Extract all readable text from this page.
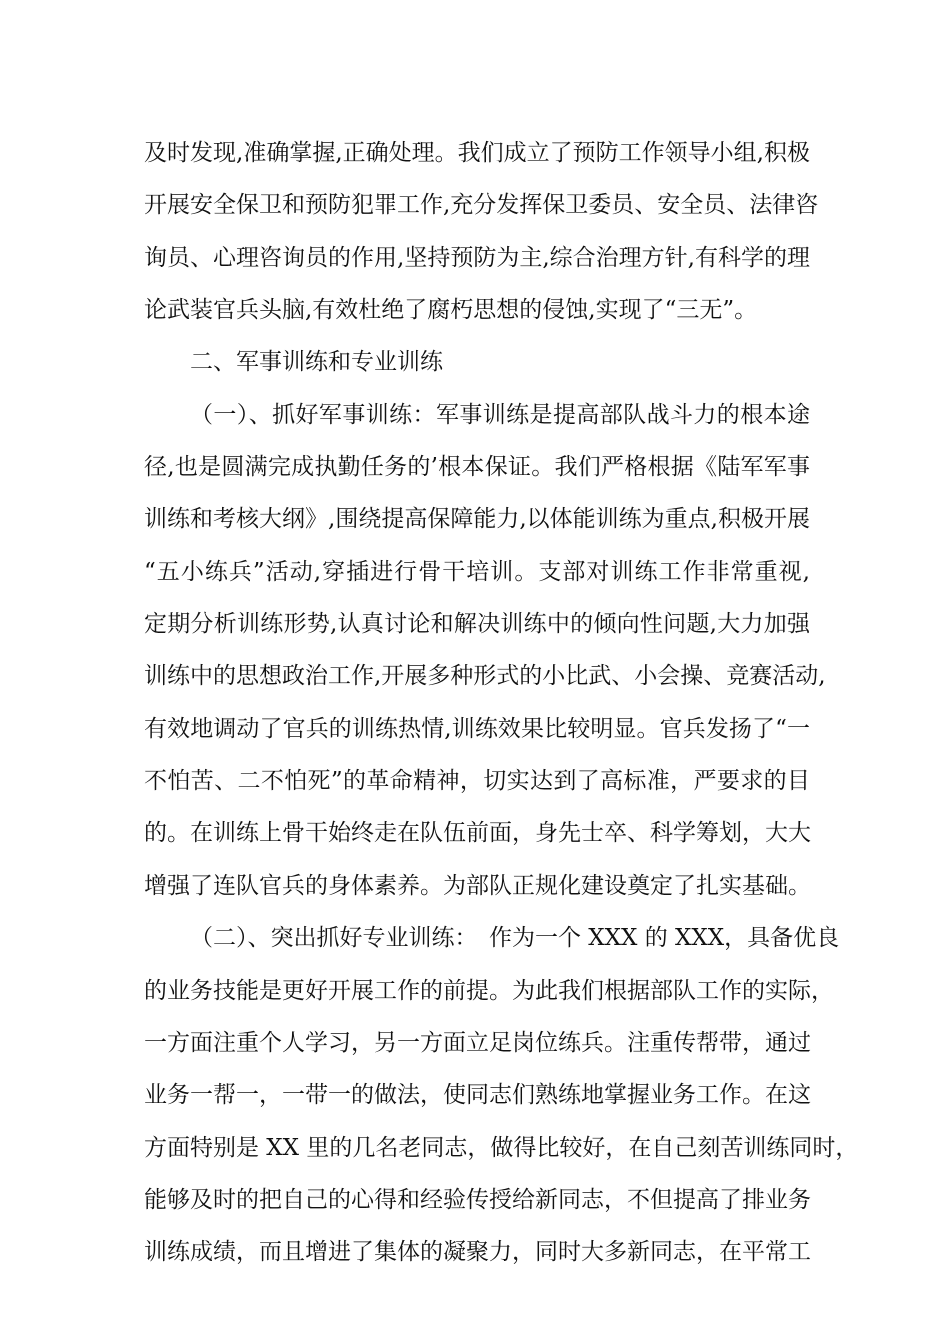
及时发现,准确掌握,正确处理。我们成立了预防工作领导小组,积极
开展安全保卫和预防犯罪工作,充分发挥保卫委员、安全员、法律咨
询员、心理咨询员的作用,坚持预防为主,综合治理方针,有科学的理
论武装官兵头脑,有效杜绝了腐朽思想的侵蚀,实现了“三无”。
二、军事训练和专业训练
（一）、抓好军事训练：军事训练是提高部队战斗力的根本途
径,也是圆满完成执勤任务的’根本保证。我们严格根据《陆军军事
训练和考核大纲》,围绕提高保障能力,以体能训练为重点,积极开展
“五小练兵”活动,穿插进行骨干培训。支部对训练工作非常重视,
定期分析训练形势,认真讨论和解决训练中的倾向性问题,大力加强
训练中的思想政治工作,开展多种形式的小比武、小会操、竞赛活动,
有效地调动了官兵的训练热情,训练效果比较明显。官兵发扬了“一
不怕苦、二不怕死”的革命精神，切实达到了高标准，严要求的目
的。在训练上骨干始终走在队伍前面，身先士卒、科学筹划，大大
增强了连队官兵的身体素养。为部队正规化建设奠定了扎实基础。
（二）、突出抓好专业训练：　作为一个 XXX 的 XXX，具备优良
的业务技能是更好开展工作的前提。为此我们根据部队工作的实际，
一方面注重个人学习，另一方面立足岗位练兵。注重传帮带，通过
业务一帮一，一带一的做法，使同志们熟练地掌握业务工作。在这
方面特别是 XX 里的几名老同志，做得比较好，在自己刻苦训练同时，
能够及时的把自己的心得和经验传授给新同志，不但提高了排业务
训练成绩，而且增进了集体的凝聚力，同时大多新同志，在平常工
